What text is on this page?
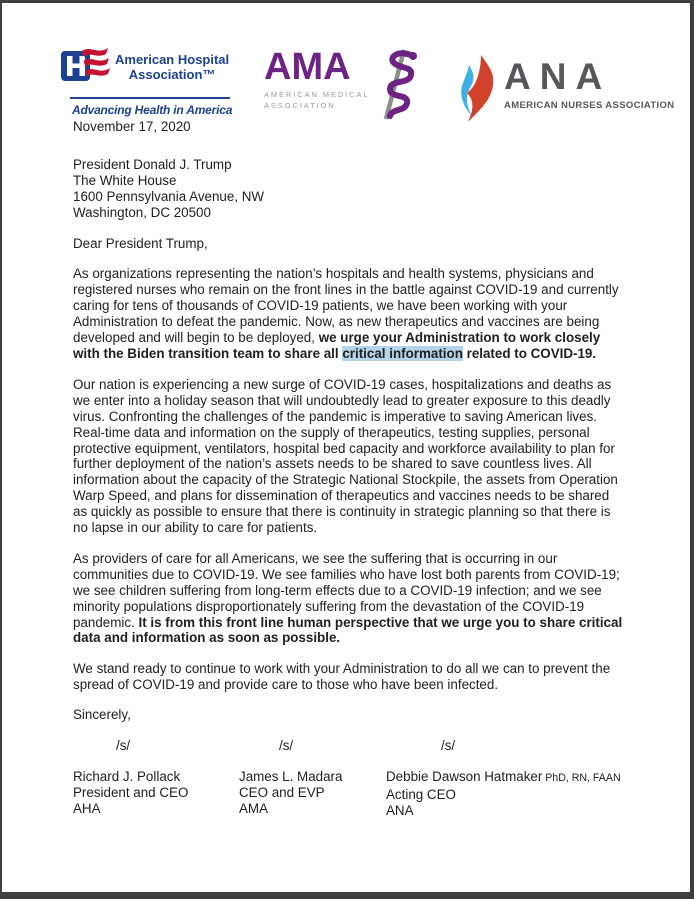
American Hospital
Association™
Advancing Health in America
AMA
AMERICAN MEDICAL
ASSOCIATION
ANA
AMERICAN NURSES ASSOCIATION
November 17, 2020
President Donald J. Trump
The White House
1600 Pennsylvania Avenue, NW
Washington, DC 20500
Dear President Trump,

As organizations representing the nation’s hospitals and health systems, physicians and registered nurses who remain on the front lines in the battle against COVID-19 and currently caring for tens of thousands of COVID-19 patients, we have been working with your Administration to defeat the pandemic. Now, as new therapeutics and vaccines are being developed and will begin to be deployed, we urge your Administration to work closely with the Biden transition team to share all critical information related to COVID-19.

Our nation is experiencing a new surge of COVID-19 cases, hospitalizations and deaths as we enter into a holiday season that will undoubtedly lead to greater exposure to this deadly virus. Confronting the challenges of the pandemic is imperative to saving American lives. Real-time data and information on the supply of therapeutics, testing supplies, personal protective equipment, ventilators, hospital bed capacity and workforce availability to plan for further deployment of the nation’s assets needs to be shared to save countless lives. All information about the capacity of the Strategic National Stockpile, the assets from Operation Warp Speed, and plans for dissemination of therapeutics and vaccines needs to be shared as quickly as possible to ensure that there is continuity in strategic planning so that there is no lapse in our ability to care for patients.

As providers of care for all Americans, we see the suffering that is occurring in our communities due to COVID-19. We see families who have lost both parents from COVID-19; we see children suffering from long-term effects due to a COVID-19 infection; and we see minority populations disproportionately suffering from the devastation of the COVID-19 pandemic. It is from this front line human perspective that we urge you to share critical data and information as soon as possible.

We stand ready to continue to work with your Administration to do all we can to prevent the spread of COVID-19 and provide care to those who have been infected.

Sincerely,
/s/	/s/	/s/
Richard J. Pollack
President and CEO
AHA
James L. Madara
CEO and EVP
AMA
Debbie Dawson Hatmaker PhD, RN, FAAN
Acting CEO
ANA
